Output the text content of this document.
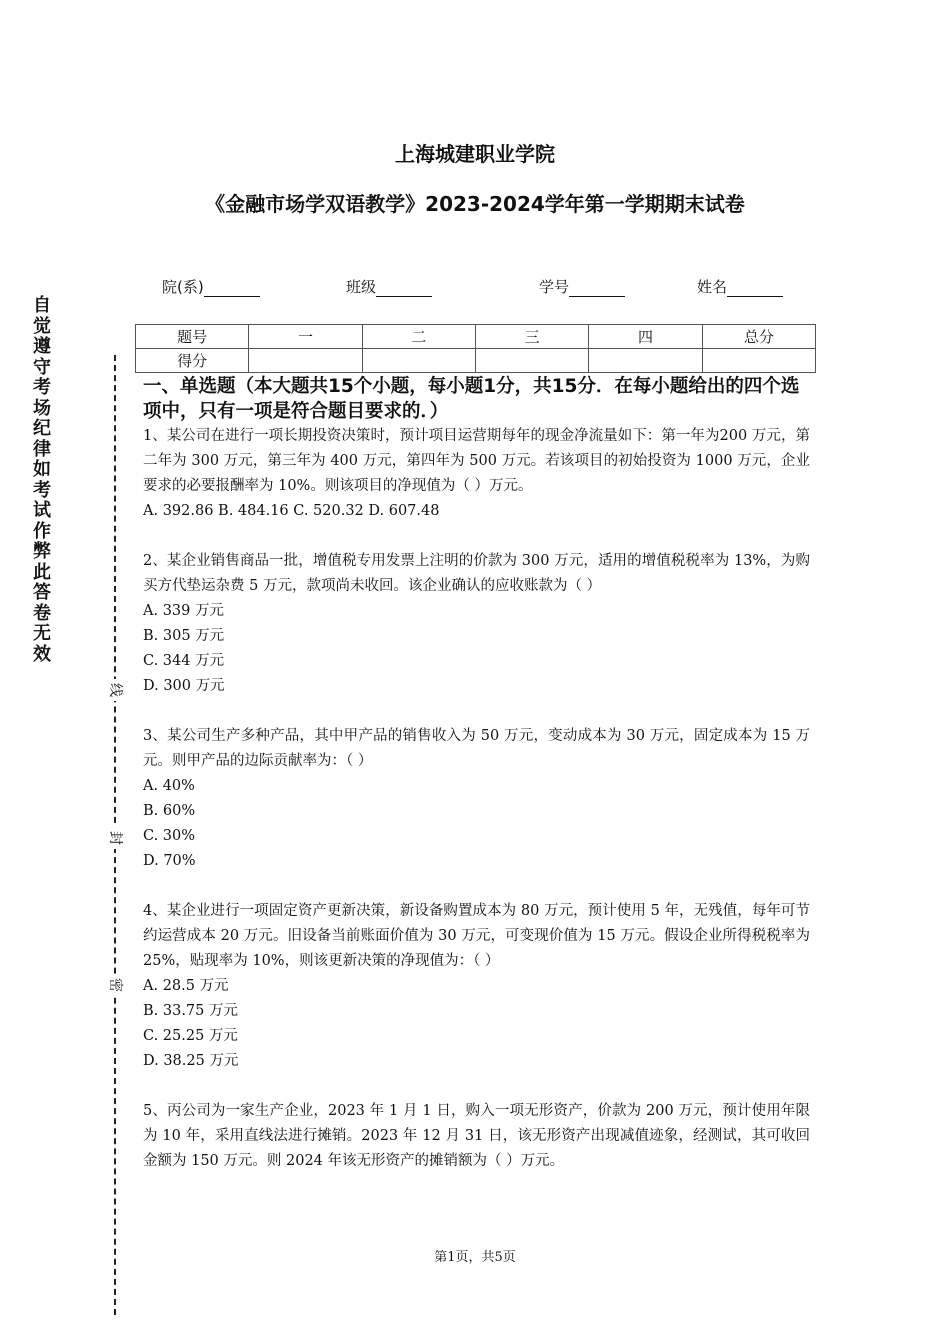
上海城建职业学院
《金融市场学双语教学》2023-2024学年第一学期期末试卷
院(系)	班级	学号	姓名
题号	一	二	三	四	总分
得分					
自觉遵守考场纪律如考试作弊此答卷无效
线
封
密

一、单选题（本大题共15个小题，每小题1分，共15分．在每小题给出的四个选项中，只有一项是符合题目要求的．）

1、某公司在进行一项长期投资决策时，预计项目运营期每年的现金净流量如下：第一年为200 万元，第二年为 300 万元，第三年为 400 万元，第四年为 500 万元。若该项目的初始投资为 1000 万元，企业要求的必要报酬率为 10%。则该项目的净现值为（ ）万元。

A. 392.86 B. 484.16 C. 520.32 D. 607.48

2、某企业销售商品一批，增值税专用发票上注明的价款为 300 万元，适用的增值税税率为 13%，为购买方代垫运杂费 5 万元，款项尚未收回。该企业确认的应收账款为（ ）

A. 339 万元

B. 305 万元

C. 344 万元

D. 300 万元

3、某公司生产多种产品，其中甲产品的销售收入为 50 万元，变动成本为 30 万元，固定成本为 15 万元。则甲产品的边际贡献率为：（ ）

A. 40%

B. 60%

C. 30%

D. 70%

4、某企业进行一项固定资产更新决策，新设备购置成本为 80 万元，预计使用 5 年，无残值，每年可节约运营成本 20 万元。旧设备当前账面价值为 30 万元，可变现价值为 15 万元。假设企业所得税税率为 25%，贴现率为 10%，则该更新决策的净现值为：（ ）

A. 28.5 万元

B. 33.75 万元

C. 25.25 万元

D. 38.25 万元

5、丙公司为一家生产企业，2023 年 1 月 1 日，购入一项无形资产，价款为 200 万元，预计使用年限为 10 年，采用直线法进行摊销。2023 年 12 月 31 日，该无形资产出现减值迹象，经测试，其可收回金额为 150 万元。则 2024 年该无形资产的摊销额为（ ）万元。

第1页，共5页
